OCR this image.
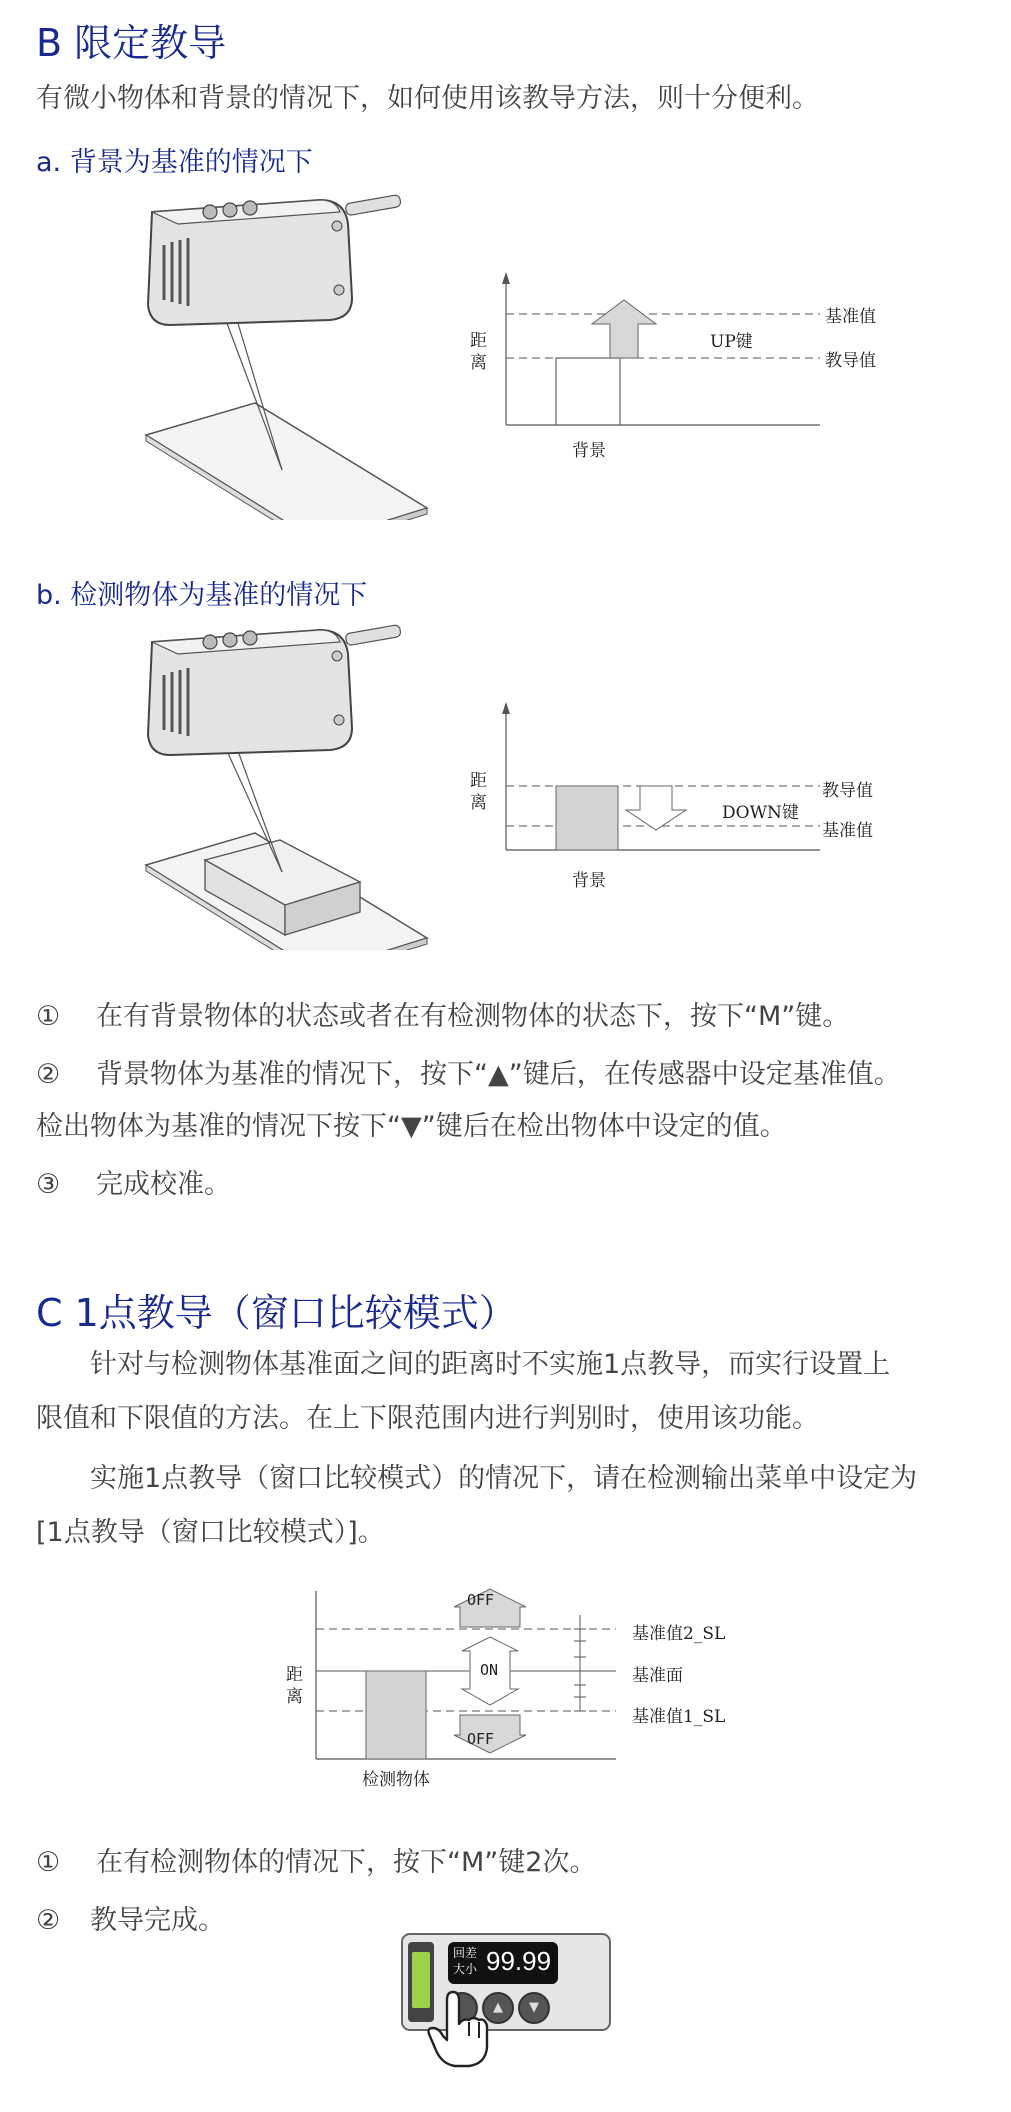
B 限定教导
有微小物体和背景的情况下，如何使用该教导方法，则十分便利。
a. 背景为基准的情况下
距离
基准值
教导值
UP键
背景
b. 检测物体为基准的情况下
距离
教导值
基准值
DOWN键
背景
① 在有背景物体的状态或者在有检测物体的状态下，按下“M”键。
② 背景物体为基准的情况下，按下“▲”键后，在传感器中设定基准值。
检出物体为基准的情况下按下“▼”键后在检出物体中设定的值。
③ 完成校准。
C 1点教导（窗口比较模式）
　　针对与检测物体基准面之间的距离时不实施1点教导，而实行设置上
限值和下限值的方法。在上下限范围内进行判别时，使用该功能。
　　实施1点教导（窗口比较模式）的情况下，请在检测输出菜单中设定为
[1点教导（窗口比较模式）]。
OFF
ON
OFF
距离
基准值2_SL
基准面
基准值1_SL
检测物体
① 在有检测物体的情况下，按下“M”键2次。
② 教导完成。
回差
大小 99.99
▲	▼
